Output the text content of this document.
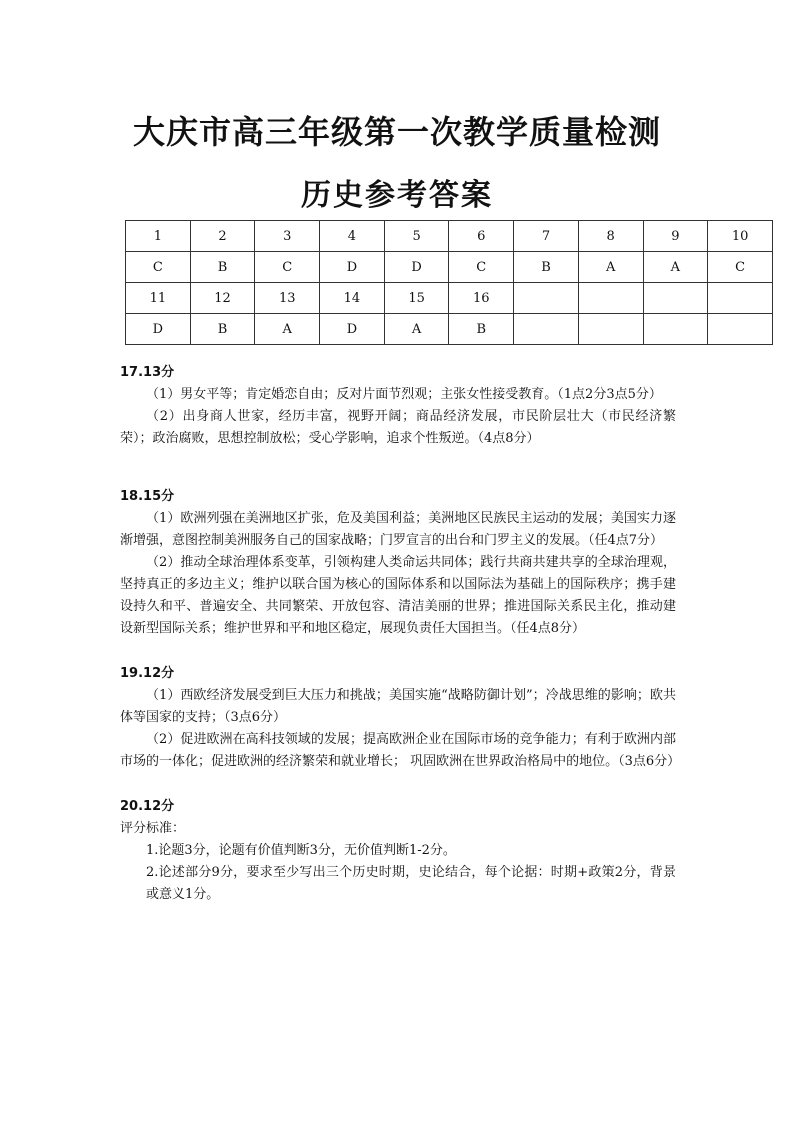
大庆市高三年级第一次教学质量检测
历史参考答案
1	2	3	4	5	6	7	8	9	10
C	B	C	D	D	C	B	A	A	C
11	12	13	14	15	16				
D	B	A	D	A	B				

17.13分

（1）男女平等；肯定婚恋自由；反对片面节烈观；主张女性接受教育。（1点2分3点5分）

（2）出身商人世家，经历丰富，视野开阔；商品经济发展，市民阶层壮大（市民经济繁荣）；政治腐败，思想控制放松；受心学影响，追求个性叛逆。（4点8分）

18.15分

（1）欧洲列强在美洲地区扩张，危及美国利益；美洲地区民族民主运动的发展；美国实力逐渐增强，意图控制美洲服务自己的国家战略；门罗宣言的出台和门罗主义的发展。（任4点7分）

（2）推动全球治理体系变革，引领构建人类命运共同体；践行共商共建共享的全球治理观，坚持真正的多边主义；维护以联合国为核心的国际体系和以国际法为基础上的国际秩序；携手建设持久和平、普遍安全、共同繁荣、开放包容、清洁美丽的世界；推进国际关系民主化，推动建设新型国际关系；维护世界和平和地区稳定，展现负责任大国担当。（任4点8分）

19.12分

（1）西欧经济发展受到巨大压力和挑战；美国实施“战略防御计划”；冷战思维的影响；欧共体等国家的支持；（3点6分）

（2）促进欧洲在高科技领域的发展；提高欧洲企业在国际市场的竞争能力；有利于欧洲内部市场的一体化；促进欧洲的经济繁荣和就业增长； 巩固欧洲在世界政治格局中的地位。（3点6分）

20.12分

评分标准：

1.论题3分，论题有价值判断3分，无价值判断1-2分。

2.论述部分9分，要求至少写出三个历史时期，史论结合，每个论据：时期+政策2分，背景或意义1分。
